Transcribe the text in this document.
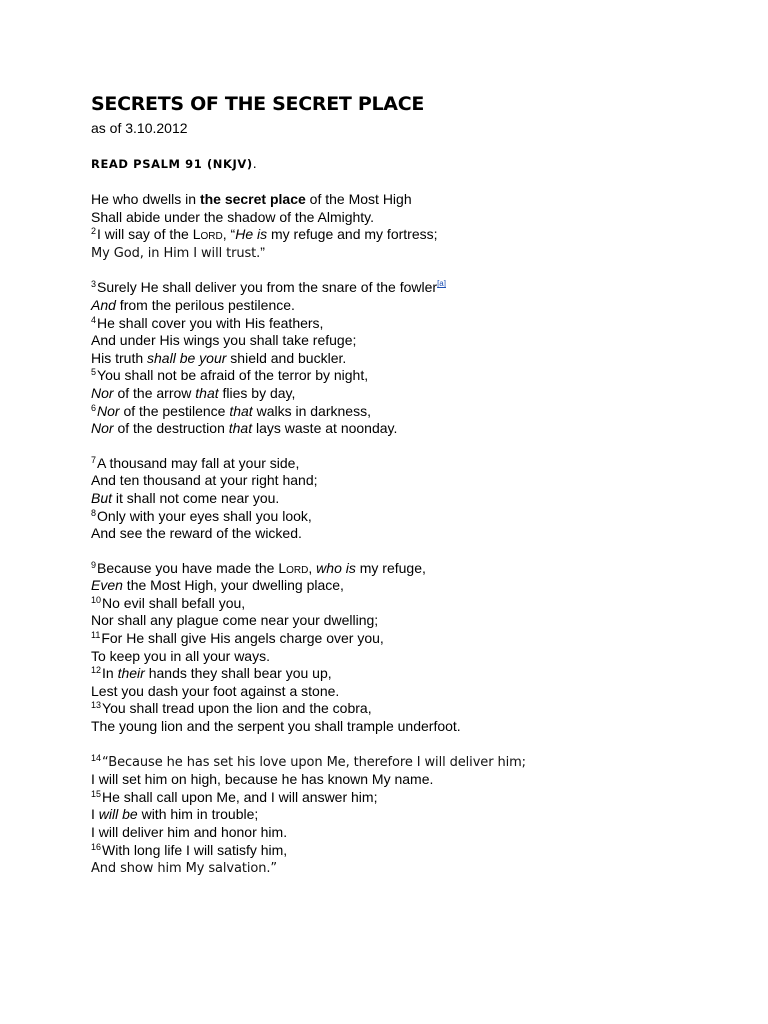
SECRETS OF THE SECRET PLACE
as of 3.10.2012
READ PSALM 91 (NKJV).
He who dwells in the secret place of the Most High
Shall abide under the shadow of the Almighty.
$^2$I will say of the Lord, “He is my refuge and my fortress;
My God, in Him I will trust.”
$^3$Surely He shall deliver you from the snare of the fowler[a]
And from the perilous pestilence.
$^4$He shall cover you with His feathers,
And under His wings you shall take refuge;
His truth shall be your shield and buckler.
$^5$You shall not be afraid of the terror by night,
Nor of the arrow that flies by day,
$^6$Nor of the pestilence that walks in darkness,
Nor of the destruction that lays waste at noonday.
$^7$A thousand may fall at your side,
And ten thousand at your right hand;
But it shall not come near you.
$^8$Only with your eyes shall you look,
And see the reward of the wicked.
$^9$Because you have made the Lord, who is my refuge,
Even the Most High, your dwelling place,
$^{10}$No evil shall befall you,
Nor shall any plague come near your dwelling;
$^{11}$For He shall give His angels charge over you,
To keep you in all your ways.
$^{12}$In their hands they shall bear you up,
Lest you dash your foot against a stone.
$^{13}$You shall tread upon the lion and the cobra,
The young lion and the serpent you shall trample underfoot.
$^{14}$“Because he has set his love upon Me, therefore I will deliver him;
I will set him on high, because he has known My name.
$^{15}$He shall call upon Me, and I will answer him;
I will be with him in trouble;
I will deliver him and honor him.
$^{16}$With long life I will satisfy him,
And show him My salvation.”
